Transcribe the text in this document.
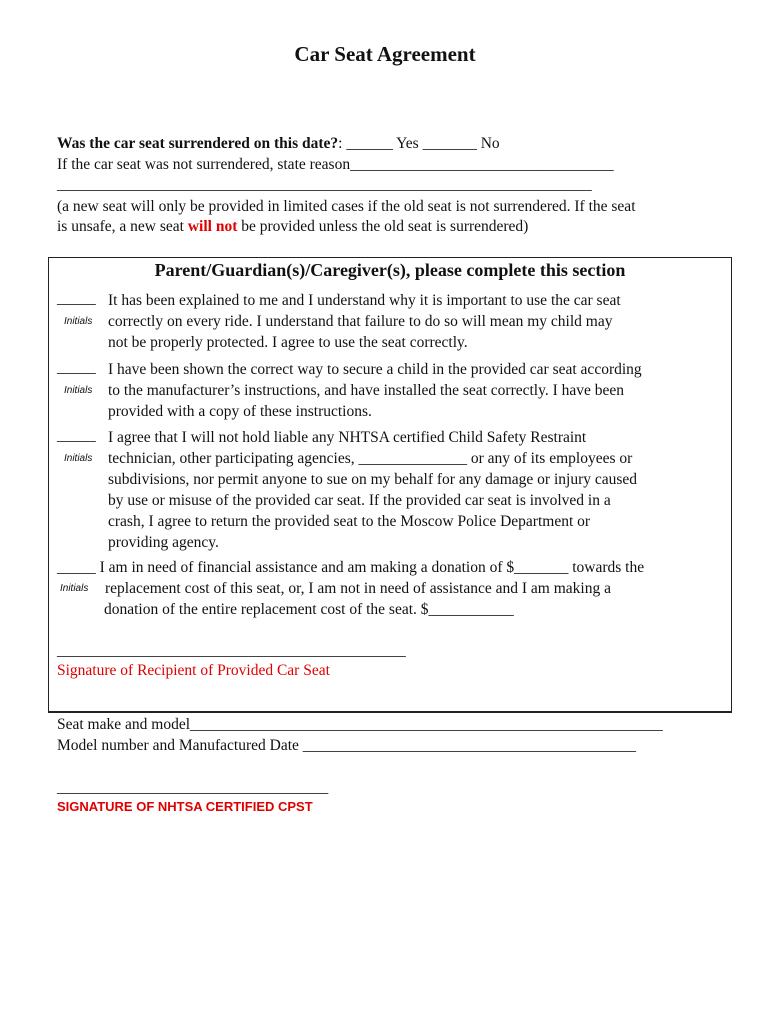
Car Seat Agreement
Was the car seat surrendered on this date?: ______ Yes _______ No
If the car seat was not surrendered, state reason__________________________________
_____________________________________________________________________
(a new seat will only be provided in limited cases if the old seat is not surrendered. If the seat
is unsafe, a new seat will not be provided unless the old seat is surrendered)
Parent/Guardian(s)/Caregiver(s), please complete this section
_____
Initials
It has been explained to me and I understand why it is important to use the car seat
correctly on every ride. I understand that failure to do so will mean my child may
not be properly protected. I agree to use the seat correctly.
_____
Initials
I have been shown the correct way to secure a child in the provided car seat according
to the manufacturer’s instructions, and have installed the seat correctly. I have been
provided with a copy of these instructions.
_____
Initials
I agree that I will not hold liable any NHTSA certified Child Safety Restraint
technician, other participating agencies, ______________ or any of its employees or
subdivisions, nor permit anyone to sue on my behalf for any damage or injury caused
by use or misuse of the provided car seat. If the provided car seat is involved in a
crash, I agree to return the provided seat to the Moscow Police Department or
providing agency.
Initials
_____ I am in need of financial assistance and am making a donation of $_______ towards the
replacement cost of this seat, or, I am not in need of assistance and I am making a
donation of the entire replacement cost of the seat. $___________
_____________________________________________
Signature of Recipient of Provided Car Seat
Seat make and model_____________________________________________________________
Model number and Manufactured Date ___________________________________________
___________________________________
SIGNATURE OF NHTSA CERTIFIED CPST
